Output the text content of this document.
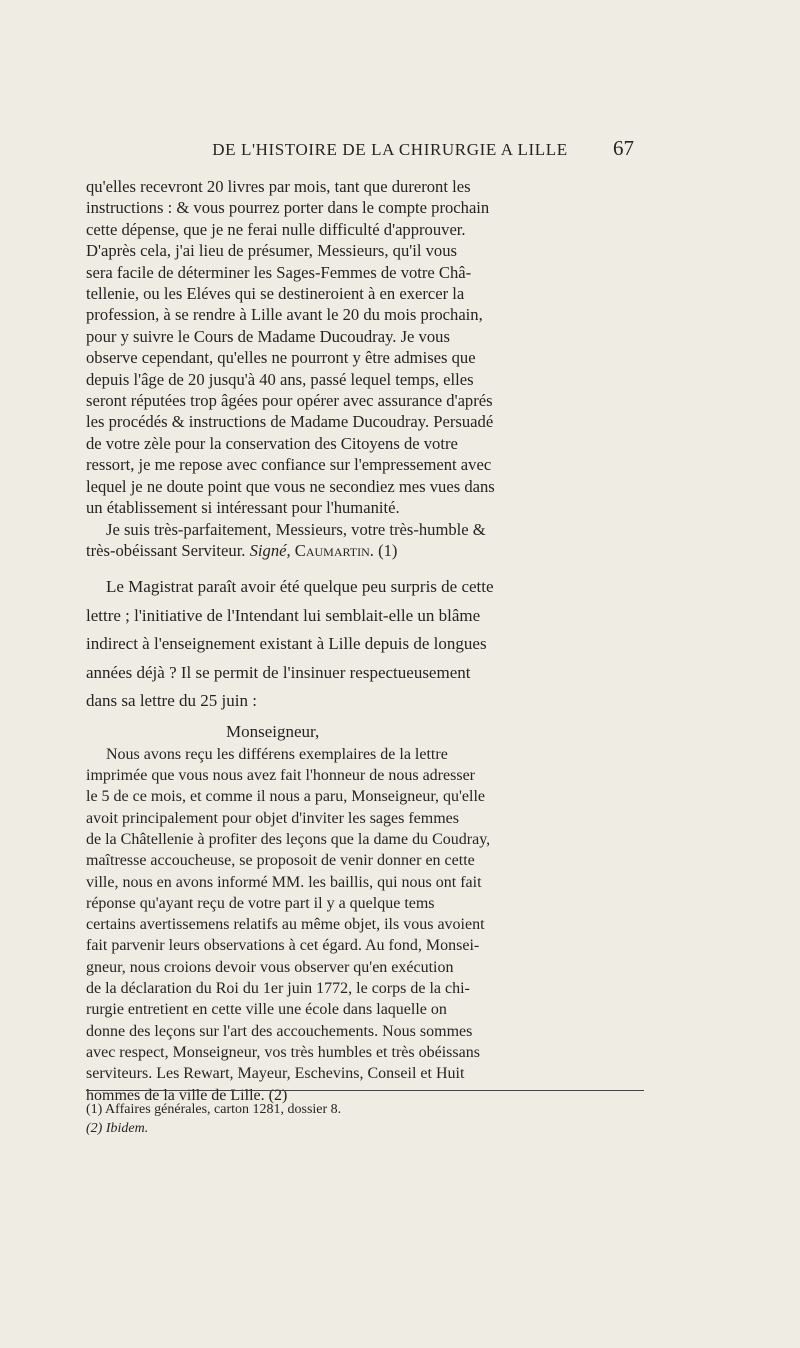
DE L'HISTOIRE DE LA CHIRURGIE A LILLE	67

qu'elles recevront 20 livres par mois, tant que dureront les
instructions : & vous pourrez porter dans le compte prochain
cette dépense, que je ne ferai nulle difficulté d'approuver.
D'après cela, j'ai lieu de présumer, Messieurs, qu'il vous
sera facile de déterminer les Sages-Femmes de votre Châ-
tellenie, ou les Eléves qui se destineroient à en exercer la
profession, à se rendre à Lille avant le 20 du mois prochain,
pour y suivre le Cours de Madame Ducoudray. Je vous
observe cependant, qu'elles ne pourront y être admises que
depuis l'âge de 20 jusqu'à 40 ans, passé lequel temps, elles
seront réputées trop âgées pour opérer avec assurance d'aprés
les procédés & instructions de Madame Ducoudray. Persuadé
de votre zèle pour la conservation des Citoyens de votre
ressort, je me repose avec confiance sur l'empressement avec
lequel je ne doute point que vous ne secondiez mes vues dans
un établissement si intéressant pour l'humanité.
Je suis très-parfaitement, Messieurs, votre très-humble &
très-obéissant Serviteur. Signé, Caumartin. (1)

Le Magistrat paraît avoir été quelque peu surpris de cette
lettre ; l'initiative de l'Intendant lui semblait-elle un blâme
indirect à l'enseignement existant à Lille depuis de longues
années déjà ? Il se permit de l'insinuer respectueusement
dans sa lettre du 25 juin :

Monseigneur,

Nous avons reçu les différens exemplaires de la lettre
imprimée que vous nous avez fait l'honneur de nous adresser
le 5 de ce mois, et comme il nous a paru, Monseigneur, qu'elle
avoit principalement pour objet d'inviter les sages femmes
de la Châtellenie à profiter des leçons que la dame du Coudray,
maîtresse accoucheuse, se proposoit de venir donner en cette
ville, nous en avons informé MM. les baillis, qui nous ont fait
réponse qu'ayant reçu de votre part il y a quelque tems
certains avertissemens relatifs au même objet, ils vous avoient
fait parvenir leurs observations à cet égard. Au fond, Monsei-
gneur, nous croions devoir vous observer qu'en exécution
de la déclaration du Roi du 1er juin 1772, le corps de la chi-
rurgie entretient en cette ville une école dans laquelle on
donne des leçons sur l'art des accouchements. Nous sommes
avec respect, Monseigneur, vos très humbles et très obéissans
serviteurs. Les Rewart, Mayeur, Eschevins, Conseil et Huit
hommes de la ville de Lille. (2)

(1) Affaires générales, carton 1281, dossier 8.
(2) Ibidem.
